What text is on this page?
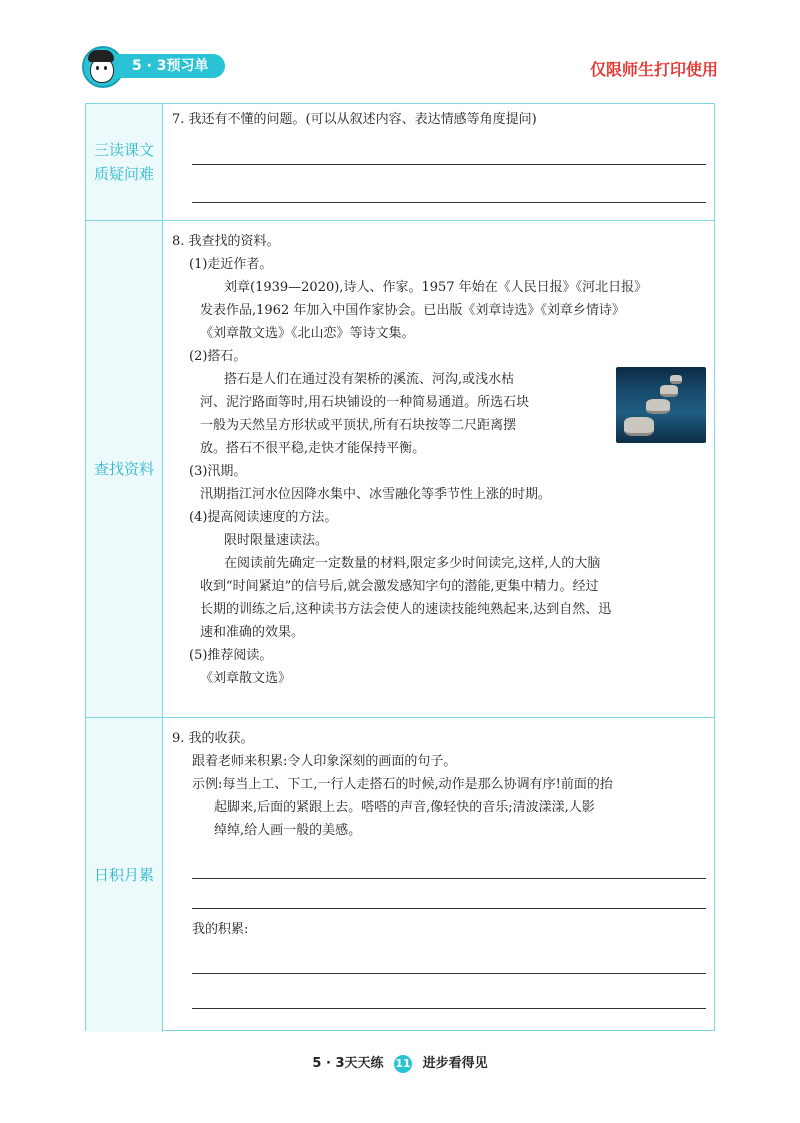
5 · 3预习单	仅限师生打印使用
三读课文
质疑问难
7. 我还有不懂的问题。(可以从叙述内容、表达情感等角度提问)
查找资料
8. 我查找的资料。
(1)走近作者。
刘章(1939—2020),诗人、作家。1957 年始在《人民日报》《河北日报》
发表作品,1962 年加入中国作家协会。已出版《刘章诗选》《刘章乡情诗》
《刘章散文选》《北山恋》等诗文集。
(2)搭石。
搭石是人们在通过没有架桥的溪流、河沟,或浅水枯
河、泥泞路面等时,用石块铺设的一种简易通道。所选石块
一般为天然呈方形状或平顶状,所有石块按等二尺距离摆
放。搭石不很平稳,走快才能保持平衡。
(3)汛期。
汛期指江河水位因降水集中、冰雪融化等季节性上涨的时期。
(4)提高阅读速度的方法。
限时限量速读法。
在阅读前先确定一定数量的材料,限定多少时间读完,这样,人的大脑
收到“时间紧迫”的信号后,就会激发感知字句的潜能,更集中精力。经过
长期的训练之后,这种读书方法会使人的速读技能纯熟起来,达到自然、迅
速和准确的效果。
(5)推荐阅读。
《刘章散文选》
日积月累
9. 我的收获。
跟着老师来积累:令人印象深刻的画面的句子。
示例:每当上工、下工,一行人走搭石的时候,动作是那么协调有序!前面的抬
起脚来,后面的紧跟上去。嗒嗒的声音,像轻快的音乐;清波漾漾,人影
绰绰,给人画一般的美感。
我的积累:
5 · 3天天练 11 进步看得见
